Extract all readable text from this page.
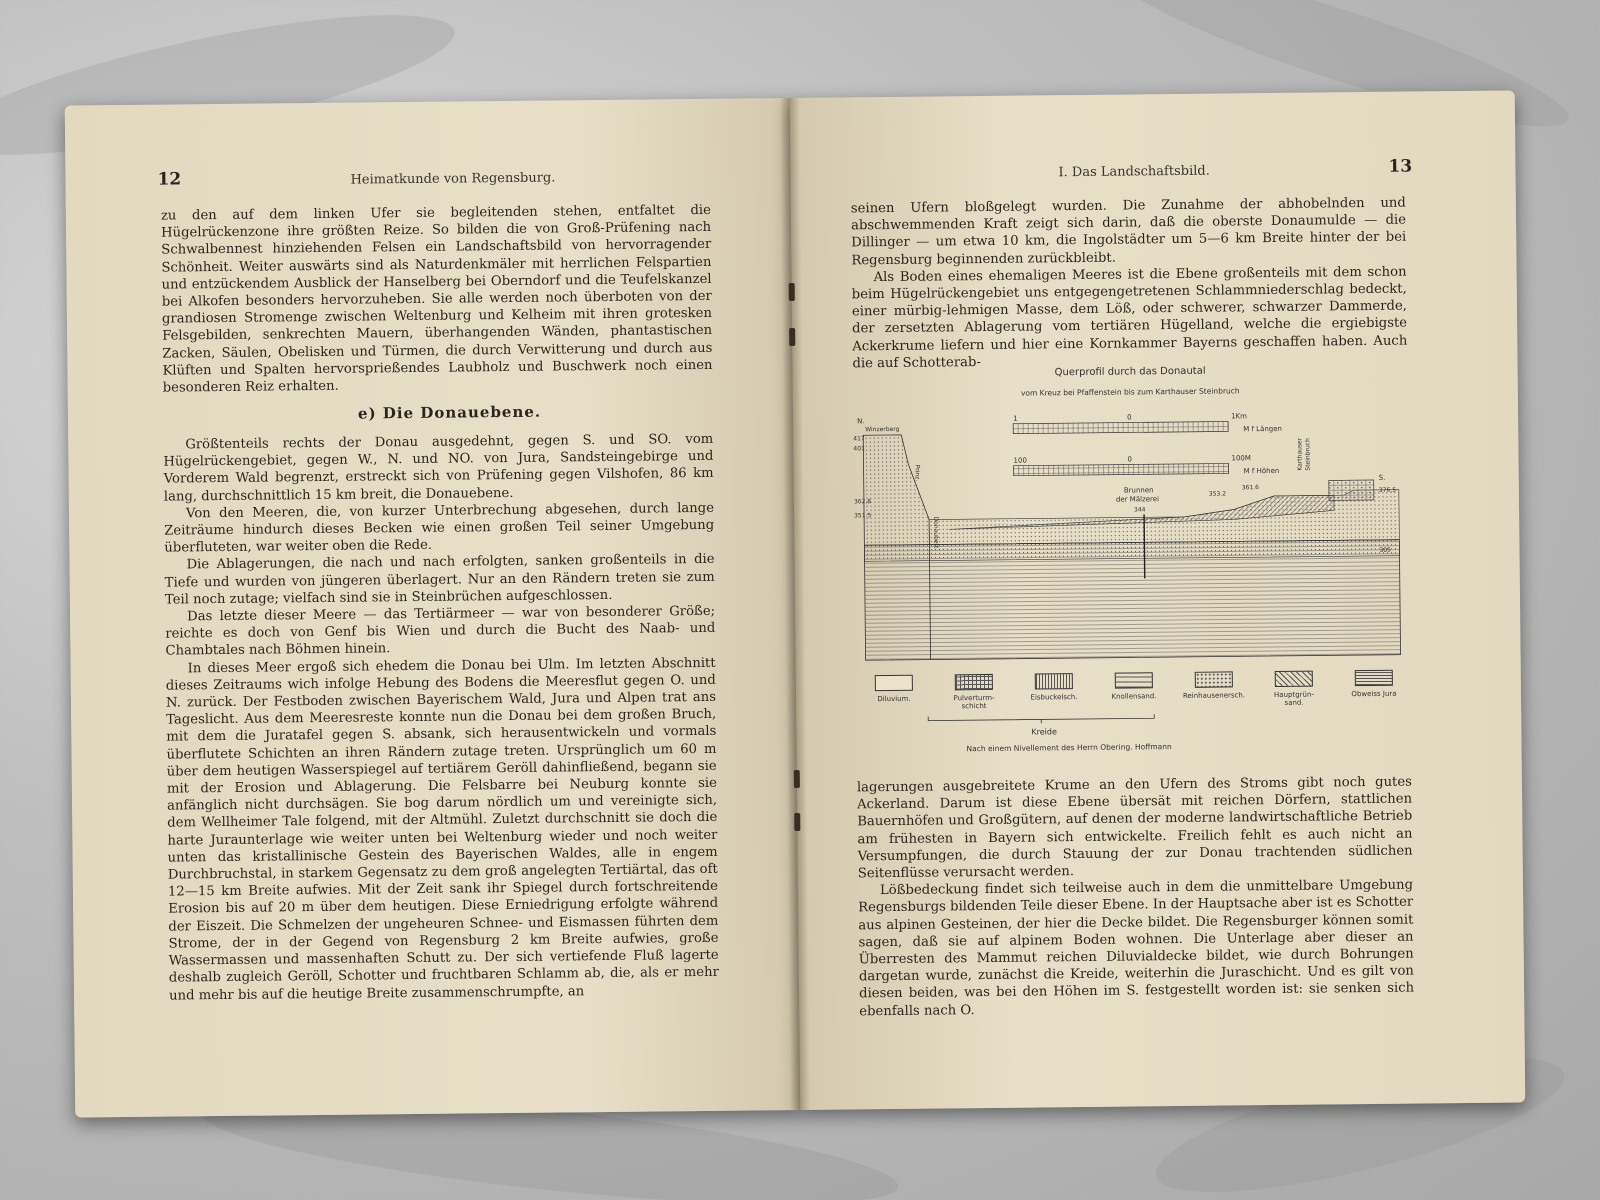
12	Heimatkunde von Regensburg.

zu den auf dem linken Ufer sie begleitenden stehen, entfaltet die Hügelrückenzone ihre größten Reize. So bilden die von Groß-Prüfening nach Schwalbennest hinziehenden Felsen ein Landschaftsbild von hervorragender Schönheit. Weiter auswärts sind als Naturdenkmäler mit herrlichen Felspartien und entzückendem Ausblick der Hanselberg bei Oberndorf und die Teufelskanzel bei Alkofen besonders hervorzuheben. Sie alle werden noch überboten von der grandiosen Stromenge zwischen Weltenburg und Kelheim mit ihren grotesken Felsgebilden, senkrechten Mauern, überhangenden Wänden, phantastischen Zacken, Säulen, Obelisken und Türmen, die durch Verwitterung und durch aus Klüften und Spalten hervorsprießendes Laubholz und Buschwerk noch einen besonderen Reiz erhalten.

e) Die Donauebene.

Größtenteils rechts der Donau ausgedehnt, gegen S. und SO. vom Hügelrückengebiet, gegen W., N. und NO. von Jura, Sandsteingebirge und Vorderem Wald begrenzt, erstreckt sich von Prüfening gegen Vilshofen, 86 km lang, durchschnittlich 15 km breit, die Donauebene.

Von den Meeren, die, von kurzer Unterbrechung abgesehen, durch lange Zeiträume hindurch dieses Becken wie einen großen Teil seiner Umgebung überfluteten, war weiter oben die Rede.

Die Ablagerungen, die nach und nach erfolgten, sanken großenteils in die Tiefe und wurden von jüngeren überlagert. Nur an den Rändern treten sie zum Teil noch zutage; vielfach sind sie in Steinbrüchen aufgeschlossen.

Das letzte dieser Meere — das Tertiärmeer — war von besonderer Größe; reichte es doch von Genf bis Wien und durch die Bucht des Naab- und Chambtales nach Böhmen hinein.

In dieses Meer ergoß sich ehedem die Donau bei Ulm. Im letzten Abschnitt dieses Zeitraums wich infolge Hebung des Bodens die Meeresflut gegen O. und N. zurück. Der Festboden zwischen Bayerischem Wald, Jura und Alpen trat ans Tageslicht. Aus dem Meeresreste konnte nun die Donau bei dem großen Bruch, mit dem die Juratafel gegen S. absank, sich herausentwickeln und vormals überflutete Schichten an ihren Rändern zutage treten. Ursprünglich um 60 m über dem heutigen Wasserspiegel auf tertiärem Geröll dahinfließend, begann sie mit der Erosion und Ablagerung. Die Felsbarre bei Neuburg konnte sie anfänglich nicht durchsägen. Sie bog darum nördlich um und vereinigte sich, dem Wellheimer Tale folgend, mit der Altmühl. Zuletzt durchschnitt sie doch die harte Juraunterlage wie weiter unten bei Weltenburg wieder und noch weiter unten das kristallinische Gestein des Bayerischen Waldes, alle in engem Durchbruchstal, in starkem Gegensatz zu dem groß angelegten Tertiärtal, das oft 12—15 km Breite aufwies. Mit der Zeit sank ihr Spiegel durch fortschreitende Erosion bis auf 20 m über dem heutigen. Diese Erniedrigung erfolgte während der Eiszeit. Die Schmelzen der ungeheuren Schnee- und Eismassen führten dem Strome, der in der Gegend von Regensburg 2 km Breite aufwies, große Wassermassen und massenhaften Schutt zu. Der sich vertiefende Fluß lagerte deshalb zugleich Geröll, Schotter und fruchtbaren Schlamm ab, die, als er mehr und mehr bis auf die heutige Breite zusammenschrumpfte, an

I. Das Landschaftsbild.	13

seinen Ufern bloßgelegt wurden. Die Zunahme der abhobelnden und abschwemmenden Kraft zeigt sich darin, daß die oberste Donaumulde — die Dillinger — um etwa 10 km, die Ingolstädter um 5—6 km Breite hinter der bei Regensburg beginnenden zurückbleibt.

Als Boden eines ehemaligen Meeres ist die Ebene großenteils mit dem schon beim Hügelrückengebiet uns entgegengetretenen Schlammniederschlag bedeckt, einer mürbig-lehmigen Masse, dem Löß, oder schwerer, schwarzer Dammerde, der zersetzten Ablagerung vom tertiären Hügelland, welche die ergiebigste Ackerkrume liefern und hier eine Kornkammer Bayerns geschaffen haben. Auch die auf Schotterab-

Querprofil durch das Donautal
vom Kreuz bei Pfaffenstein bis zum Karthauser Steinbruch
1	0	1Km
M f Längen
100	0	100M
M f Höhen
N.
Winzerberg
417
401
362.8
351.5
Prinz.
Donaubett
Brunnen
der Mälzerei
344
353.2
361.6
Karthauser Steinbruch
S.
376.5
305
Diluvium.	Pulverturm-schicht
Eisbuckelsch.	Knollensand.	Reinhausenersch.	Hauptgrün-sand.
Obweiss Jura
Kreide
Nach einem Nivellement des Herrn Obering. Hoffmann

lagerungen ausgebreitete Krume an den Ufern des Stroms gibt noch gutes Ackerland. Darum ist diese Ebene übersät mit reichen Dörfern, stattlichen Bauernhöfen und Großgütern, auf denen der moderne landwirtschaftliche Betrieb am frühesten in Bayern sich entwickelte. Freilich fehlt es auch nicht an Versumpfungen, die durch Stauung der zur Donau trachtenden südlichen Seitenflüsse verursacht werden.

Lößbedeckung findet sich teilweise auch in dem die unmittelbare Umgebung Regensburgs bildenden Teile dieser Ebene. In der Hauptsache aber ist es Schotter aus alpinen Gesteinen, der hier die Decke bildet. Die Regensburger können somit sagen, daß sie auf alpinem Boden wohnen. Die Unterlage aber dieser an Überresten des Mammut reichen Diluvialdecke bildet, wie durch Bohrungen dargetan wurde, zunächst die Kreide, weiterhin die Juraschicht. Und es gilt von diesen beiden, was bei den Höhen im S. festgestellt worden ist: sie senken sich ebenfalls nach O.
